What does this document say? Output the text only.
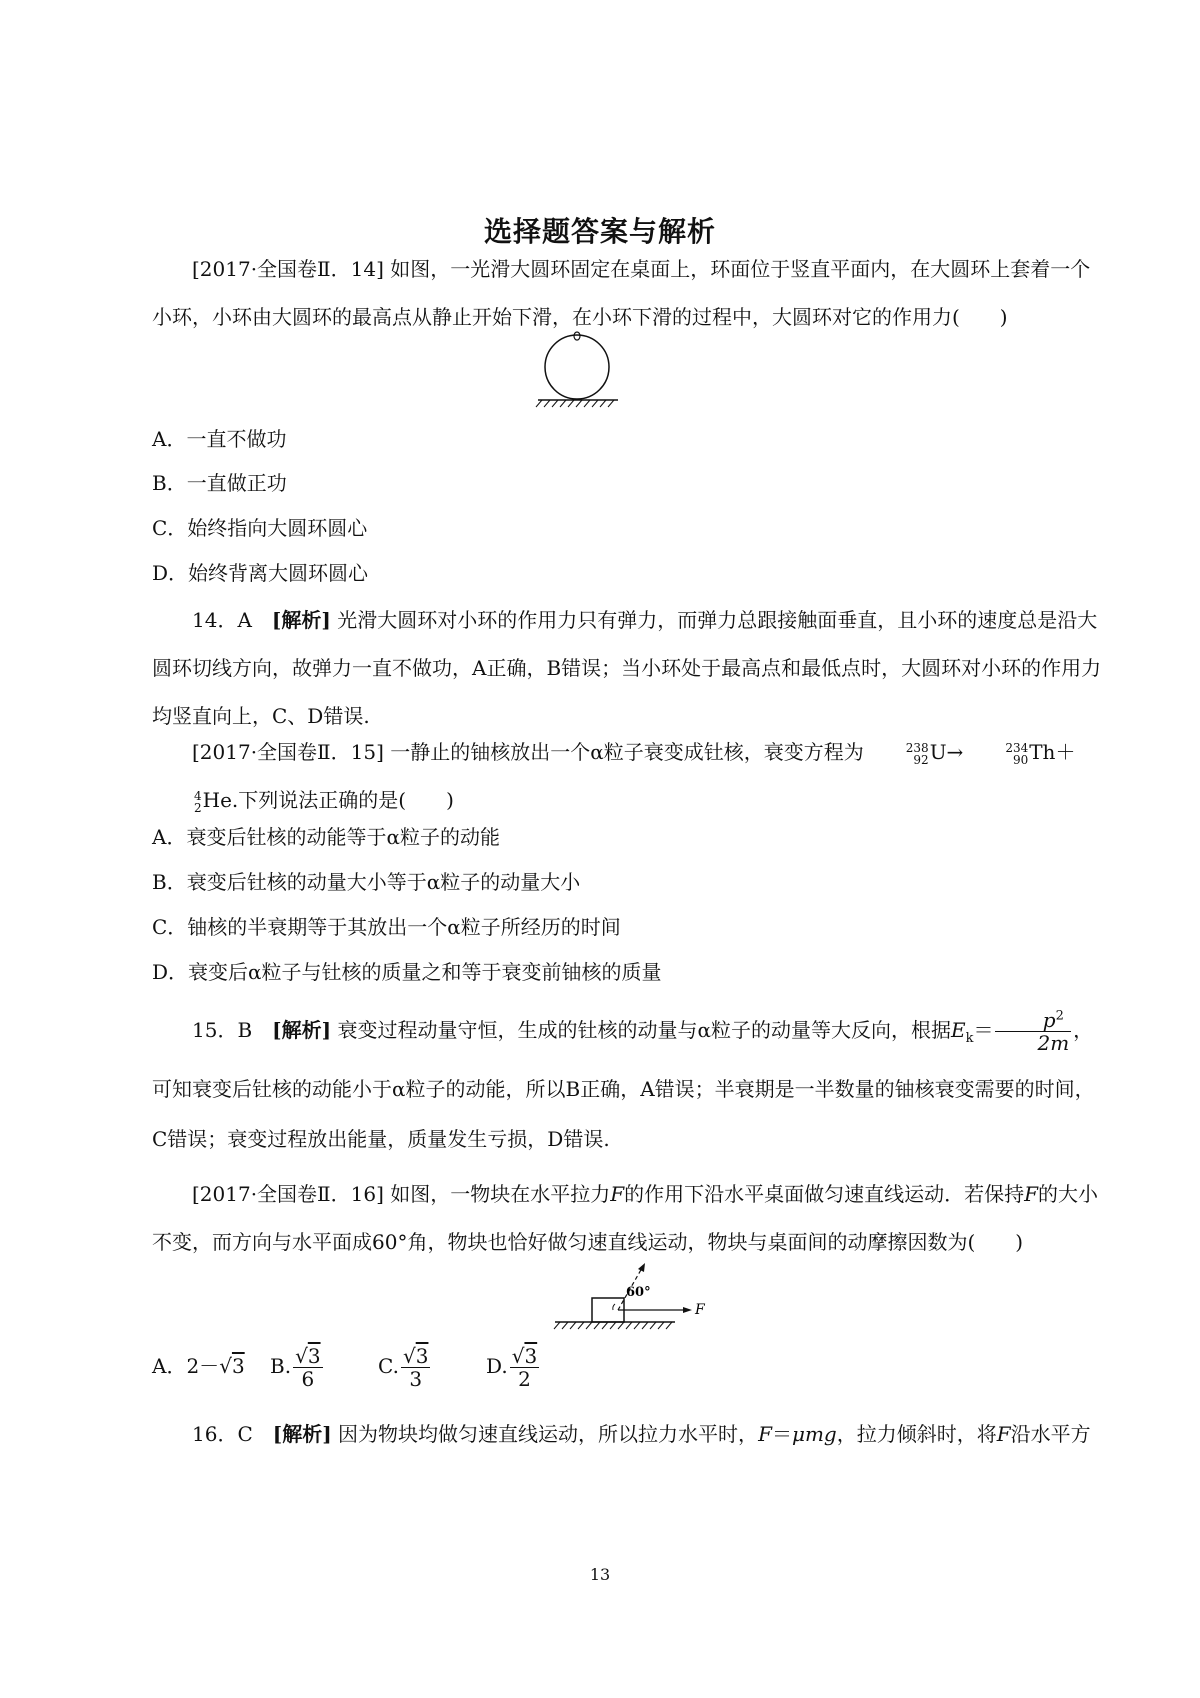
选择题答案与解析
[2017·全国卷Ⅱ．14] 如图，一光滑大圆环固定在桌面上，环面位于竖直平面内，在大圆环上套着一个小环，小环由大圆环的最高点从静止开始下滑，在小环下滑的过程中，大圆环对它的作用力(　　)
A．一直不做功
B．一直做正功
C．始终指向大圆环圆心
D．始终背离大圆环圆心
14．A　[解析] 光滑大圆环对小环的作用力只有弹力，而弹力总跟接触面垂直，且小环的速度总是沿大圆环切线方向，故弹力一直不做功，A正确，B错误；当小环处于最高点和最低点时，大圆环对小环的作用力均竖直向上，C、D错误.
[2017·全国卷Ⅱ．15] 一静止的铀核放出一个α粒子衰变成钍核，衰变方程为	238
92 U→	234
90 Th＋
4
2 He.下列说法正确的是(　　)
A．衰变后钍核的动能等于α粒子的动能
B．衰变后钍核的动量大小等于α粒子的动量大小
C．铀核的半衰期等于其放出一个α粒子所经历的时间
D．衰变后α粒子与钍核的质量之和等于衰变前铀核的质量
15．B　[解析] 衰变过程动量守恒，生成的钍核的动量与α粒子的动量等大反向，根据$E_k= \frac{p^2}{2m}$ ，可知衰变后钍核的动能小于α粒子的动能，所以B正确，A错误；半衰期是一半数量的铀核衰变需要的时间，C错误；衰变过程放出能量，质量发生亏损，D错误.
[2017·全国卷Ⅱ．16] 如图，一物块在水平拉力F的作用下沿水平桌面做匀速直线运动．若保持F的大小不变，而方向与水平面成60°角，物块也恰好做匀速直线运动，物块与桌面间的动摩擦因数为(　　)
60°
F
A．2－√3 B. $\frac{√3}{6}$	C. $\frac{√3}{3}$	D. $\frac{√3}{2}$
16．C　[解析] 因为物块均做匀速直线运动，所以拉力水平时，F＝μmg，拉力倾斜时，将F沿水平方
13
